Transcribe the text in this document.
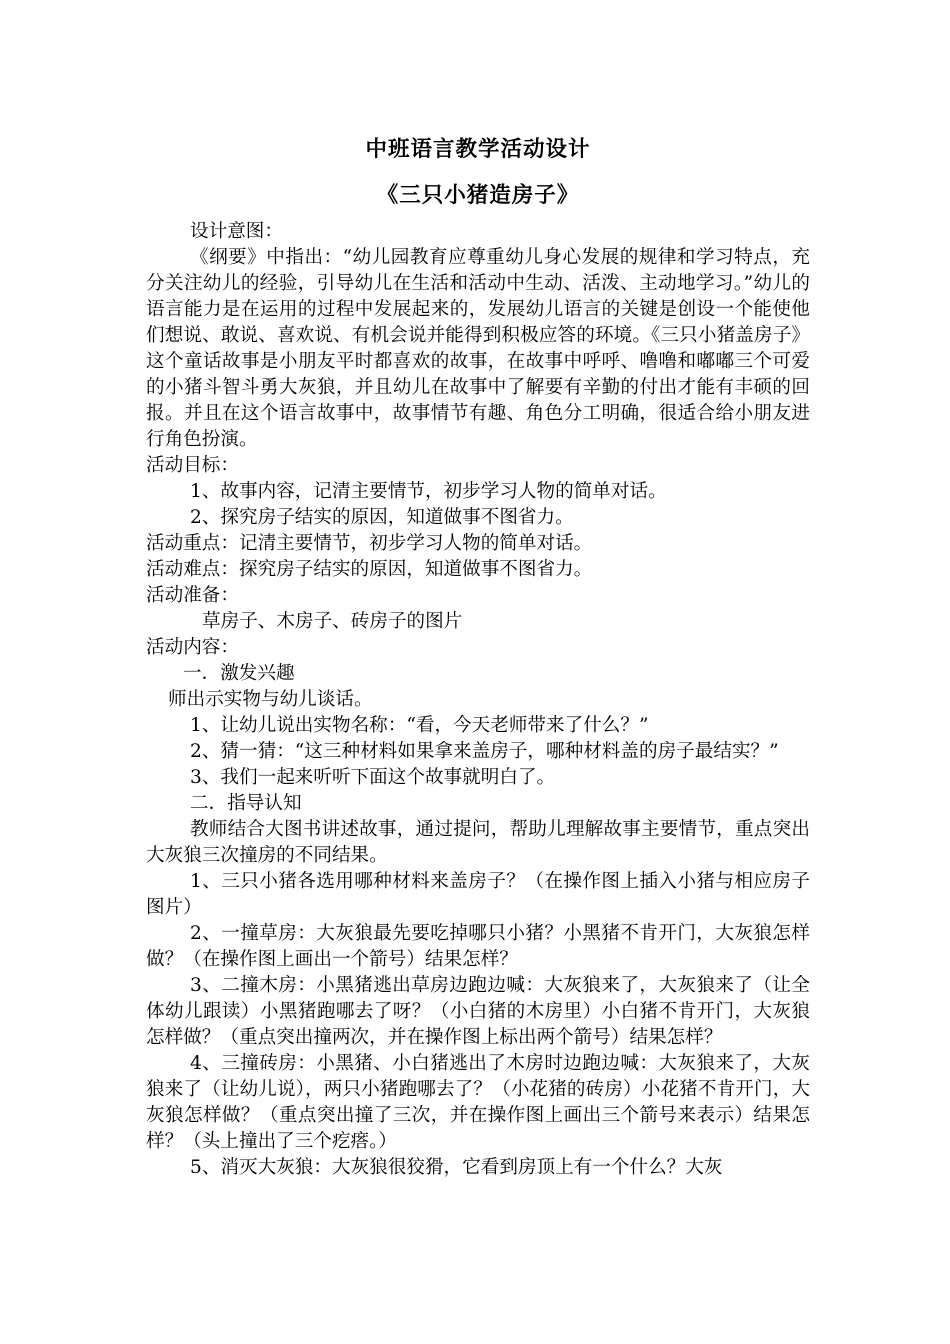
中班语言教学活动设计
《三只小猪造房子》

设计意图：

《纲要》中指出：“幼儿园教育应尊重幼儿身心发展的规律和学习特点，充分关注幼儿的经验，引导幼儿在生活和活动中生动、活泼、主动地学习。”幼儿的语言能力是在运用的过程中发展起来的，发展幼儿语言的关键是创设一个能使他们想说、敢说、喜欢说、有机会说并能得到积极应答的环境。《三只小猪盖房子》这个童话故事是小朋友平时都喜欢的故事，在故事中呼呼、噜噜和嘟嘟三个可爱的小猪斗智斗勇大灰狼，并且幼儿在故事中了解要有辛勤的付出才能有丰硕的回报。并且在这个语言故事中，故事情节有趣、角色分工明确，很适合给小朋友进行角色扮演。

活动目标：

1、故事内容，记清主要情节，初步学习人物的简单对话。

2、探究房子结实的原因，知道做事不图省力。

活动重点：记清主要情节，初步学习人物的简单对话。

活动难点：探究房子结实的原因，知道做事不图省力。

活动准备：

草房子、木房子、砖房子的图片

活动内容：

一．激发兴趣

师出示实物与幼儿谈话。

1、让幼儿说出实物名称：“看，今天老师带来了什么？”

2、猜一猜：“这三种材料如果拿来盖房子，哪种材料盖的房子最结实？”

3、我们一起来听听下面这个故事就明白了。

二．指导认知

教师结合大图书讲述故事，通过提问，帮助儿理解故事主要情节，重点突出大灰狼三次撞房的不同结果。

1、三只小猪各选用哪种材料来盖房子？（在操作图上插入小猪与相应房子图片）

2、一撞草房：大灰狼最先要吃掉哪只小猪？小黑猪不肯开门，大灰狼怎样做？（在操作图上画出一个箭号）结果怎样？

3、二撞木房：小黑猪逃出草房边跑边喊：大灰狼来了，大灰狼来了（让全体幼儿跟读）小黑猪跑哪去了呀？（小白猪的木房里）小白猪不肯开门，大灰狼怎样做？（重点突出撞两次，并在操作图上标出两个箭号）结果怎样？

4、三撞砖房：小黑猪、小白猪逃出了木房时边跑边喊：大灰狼来了，大灰狼来了（让幼儿说），两只小猪跑哪去了？（小花猪的砖房）小花猪不肯开门，大灰狼怎样做？（重点突出撞了三次，并在操作图上画出三个箭号来表示）结果怎样？（头上撞出了三个疙瘩。）

5、消灭大灰狼：大灰狼很狡猾，它看到房顶上有一个什么？大灰
